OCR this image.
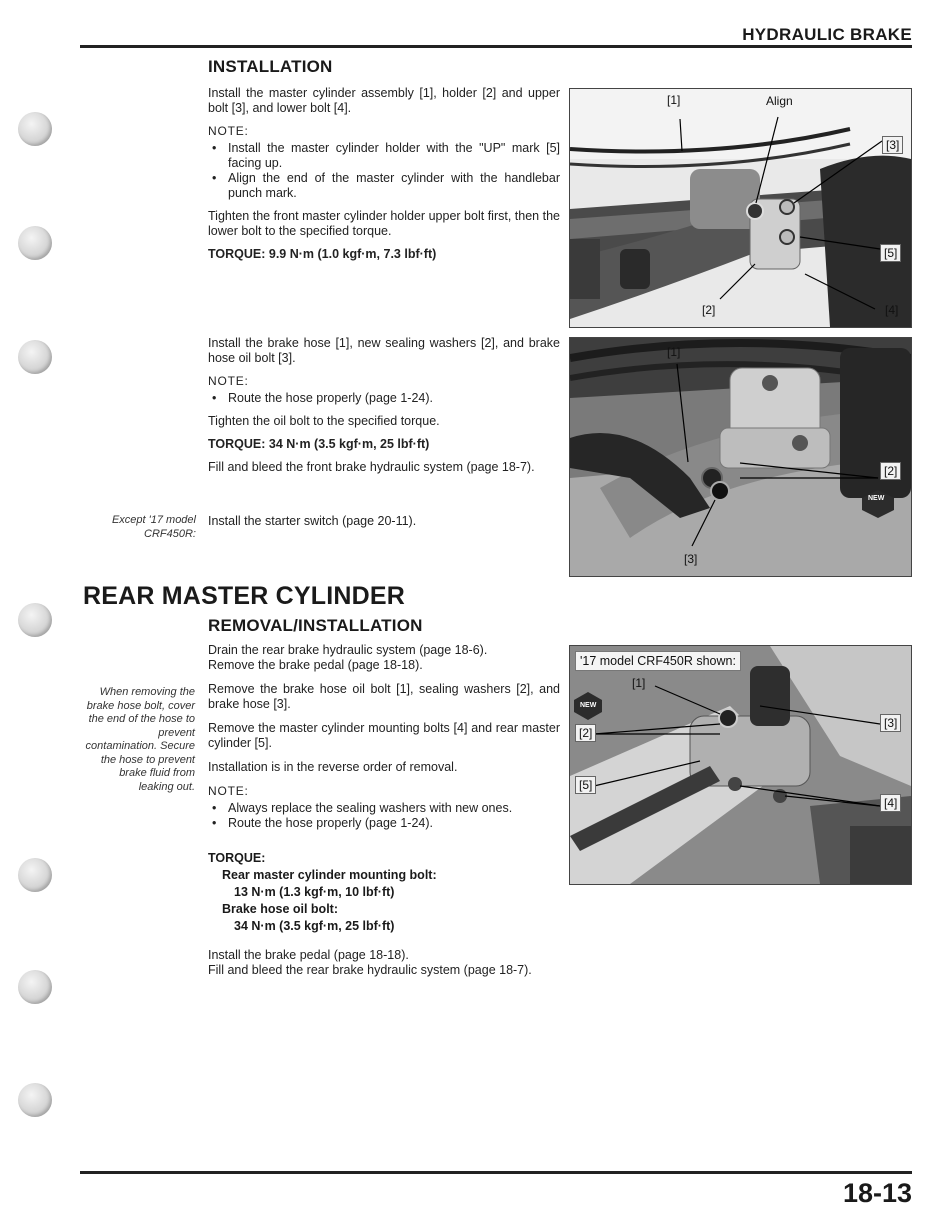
HYDRAULIC BRAKE
INSTALLATION

Install the master cylinder assembly [1], holder [2] and upper bolt [3], and lower bolt [4].

NOTE:

• Install the master cylinder holder with the "UP" mark [5] facing up.
• Align the end of the master cylinder with the handlebar punch mark.

Tighten the front master cylinder holder upper bolt first, then the lower bolt to the specified torque.

TORQUE: 9.9 N·m (1.0 kgf·m, 7.3 lbf·ft)

Install the brake hose [1], new sealing washers [2], and brake hose oil bolt [3].

NOTE:

• Route the hose properly (page 1-24).

Tighten the oil bolt to the specified torque.

TORQUE: 34 N·m (3.5 kgf·m, 25 lbf·ft)

Fill and bleed the front brake hydraulic system (page 18-7).

Except '17 model CRF450R:
Install the starter switch (page 20-11).
[1]	Align
[3]
[5]
[2]	[4]
[1]
[2]
[3]
NEW
REAR MASTER CYLINDER
REMOVAL/INSTALLATION
When removing the brake hose bolt, cover the end of the hose to prevent contamination. Secure the hose to prevent brake fluid from leaking out.

Drain the rear brake hydraulic system (page 18-6).

Remove the brake pedal (page 18-18).

Remove the brake hose oil bolt [1], sealing washers [2], and brake hose [3].

Remove the master cylinder mounting bolts [4] and rear master cylinder [5].

Installation is in the reverse order of removal.

NOTE:

• Always replace the sealing washers with new ones.
• Route the hose properly (page 1-24).
TORQUE:
Rear master cylinder mounting bolt:
13 N·m (1.3 kgf·m, 10 lbf·ft)
Brake hose oil bolt:
34 N·m (3.5 kgf·m, 25 lbf·ft)

Install the brake pedal (page 18-18).

Fill and bleed the rear brake hydraulic system (page 18-7).

'17 model CRF450R shown:
[1]
[2]
[3]
[5]
[4]
NEW
18-13
